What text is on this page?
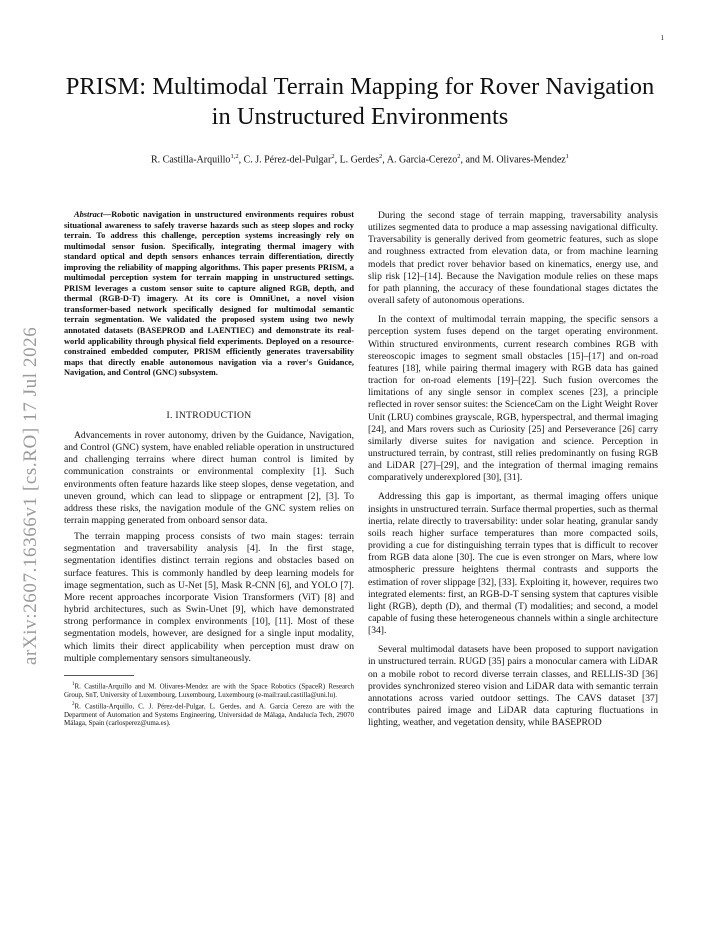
1
arXiv:2607.16366v1 [cs.RO] 17 Jul 2026
PRISM: Multimodal Terrain Mapping for Rover Navigation in Unstructured Environments
R. Castilla-Arquillo$^{1,2}$, C. J. Pérez-del-Pulgar$^2$, L. Gerdes$^2$, A. Garcia-Cerezo$^2$, and M. Olivares-Mendez$^1$

Abstract—Robotic navigation in unstructured environments requires robust situational awareness to safely traverse hazards such as steep slopes and rocky terrain. To address this challenge, perception systems increasingly rely on multimodal sensor fusion. Specifically, integrating thermal imagery with standard optical and depth sensors enhances terrain differentiation, directly improving the reliability of mapping algorithms. This paper presents PRISM, a multimodal perception system for terrain mapping in unstructured settings. PRISM leverages a custom sensor suite to capture aligned RGB, depth, and thermal (RGB-D-T) imagery. At its core is OmniUnet, a novel vision transformer-based network specifically designed for multimodal semantic terrain segmentation. We validated the proposed system using two newly annotated datasets (BASEPROD and LAENTIEC) and demonstrate its real-world applicability through physical field experiments. Deployed on a resource-constrained embedded computer, PRISM efficiently generates traversability maps that directly enable autonomous navigation via a rover's Guidance, Navigation, and Control (GNC) subsystem.

I. INTRODUCTION

Advancements in rover autonomy, driven by the Guidance, Navigation, and Control (GNC) system, have enabled reliable operation in unstructured and challenging terrains where direct human control is limited by communication constraints or environmental complexity [1]. Such environments often feature hazards like steep slopes, dense vegetation, and uneven ground, which can lead to slippage or entrapment [2], [3]. To address these risks, the navigation module of the GNC system relies on terrain mapping generated from onboard sensor data.

The terrain mapping process consists of two main stages: terrain segmentation and traversability analysis [4]. In the first stage, segmentation identifies distinct terrain regions and obstacles based on surface features. This is commonly handled by deep learning models for image segmentation, such as U-Net [5], Mask R-CNN [6], and YOLO [7]. More recent approaches incorporate Vision Transformers (ViT) [8] and hybrid architectures, such as Swin-Unet [9], which have demonstrated strong performance in complex environments [10], [11]. Most of these segmentation models, however, are designed for a single input modality, which limits their direct applicability when perception must draw on multiple complementary sensors simultaneously.

$^1$R. Castilla-Arquillo and M. Olivares-Mendez are with the Space Robotics (SpaceR) Research Group, SnT, University of Luxembourg, Luxembourg, Luxembourg (e-mail:raul.castilla@uni.lu).

$^2$R. Castilla-Arquillo, C. J. Pérez-del-Pulgar, L. Gerdes, and A. García Cerezo are with the Department of Automation and Systems Engineering, Universidad de Málaga, Andalucía Tech, 29070 Málaga, Spain (carlosperez@uma.es).

During the second stage of terrain mapping, traversability analysis utilizes segmented data to produce a map assessing navigational difficulty. Traversability is generally derived from geometric features, such as slope and roughness extracted from elevation data, or from machine learning models that predict rover behavior based on kinematics, energy use, and slip risk [12]–[14]. Because the Navigation module relies on these maps for path planning, the accuracy of these foundational stages dictates the overall safety of autonomous operations.

In the context of multimodal terrain mapping, the specific sensors a perception system fuses depend on the target operating environment. Within structured environments, current research combines RGB with stereoscopic images to segment small obstacles [15]–[17] and on-road features [18], while pairing thermal imagery with RGB data has gained traction for on-road elements [19]–[22]. Such fusion overcomes the limitations of any single sensor in complex scenes [23], a principle reflected in rover sensor suites: the ScienceCam on the Light Weight Rover Unit (LRU) combines grayscale, RGB, hyperspectral, and thermal imaging [24], and Mars rovers such as Curiosity [25] and Perseverance [26] carry similarly diverse suites for navigation and science. Perception in unstructured terrain, by contrast, still relies predominantly on fusing RGB and LiDAR [27]–[29], and the integration of thermal imaging remains comparatively underexplored [30], [31].

Addressing this gap is important, as thermal imaging offers unique insights in unstructured terrain. Surface thermal properties, such as thermal inertia, relate directly to traversability: under solar heating, granular sandy soils reach higher surface temperatures than more compacted soils, providing a cue for distinguishing terrain types that is difficult to recover from RGB data alone [30]. The cue is even stronger on Mars, where low atmospheric pressure heightens thermal contrasts and supports the estimation of rover slippage [32], [33]. Exploiting it, however, requires two integrated elements: first, an RGB-D-T sensing system that captures visible light (RGB), depth (D), and thermal (T) modalities; and second, a model capable of fusing these heterogeneous channels within a single architecture [34].

Several multimodal datasets have been proposed to support navigation in unstructured terrain. RUGD [35] pairs a monocular camera with LiDAR on a mobile robot to record diverse terrain classes, and RELLIS-3D [36] provides synchronized stereo vision and LiDAR data with semantic terrain annotations across varied outdoor settings. The CAVS dataset [37] contributes paired image and LiDAR data capturing fluctuations in lighting, weather, and vegetation density, while BASEPROD
